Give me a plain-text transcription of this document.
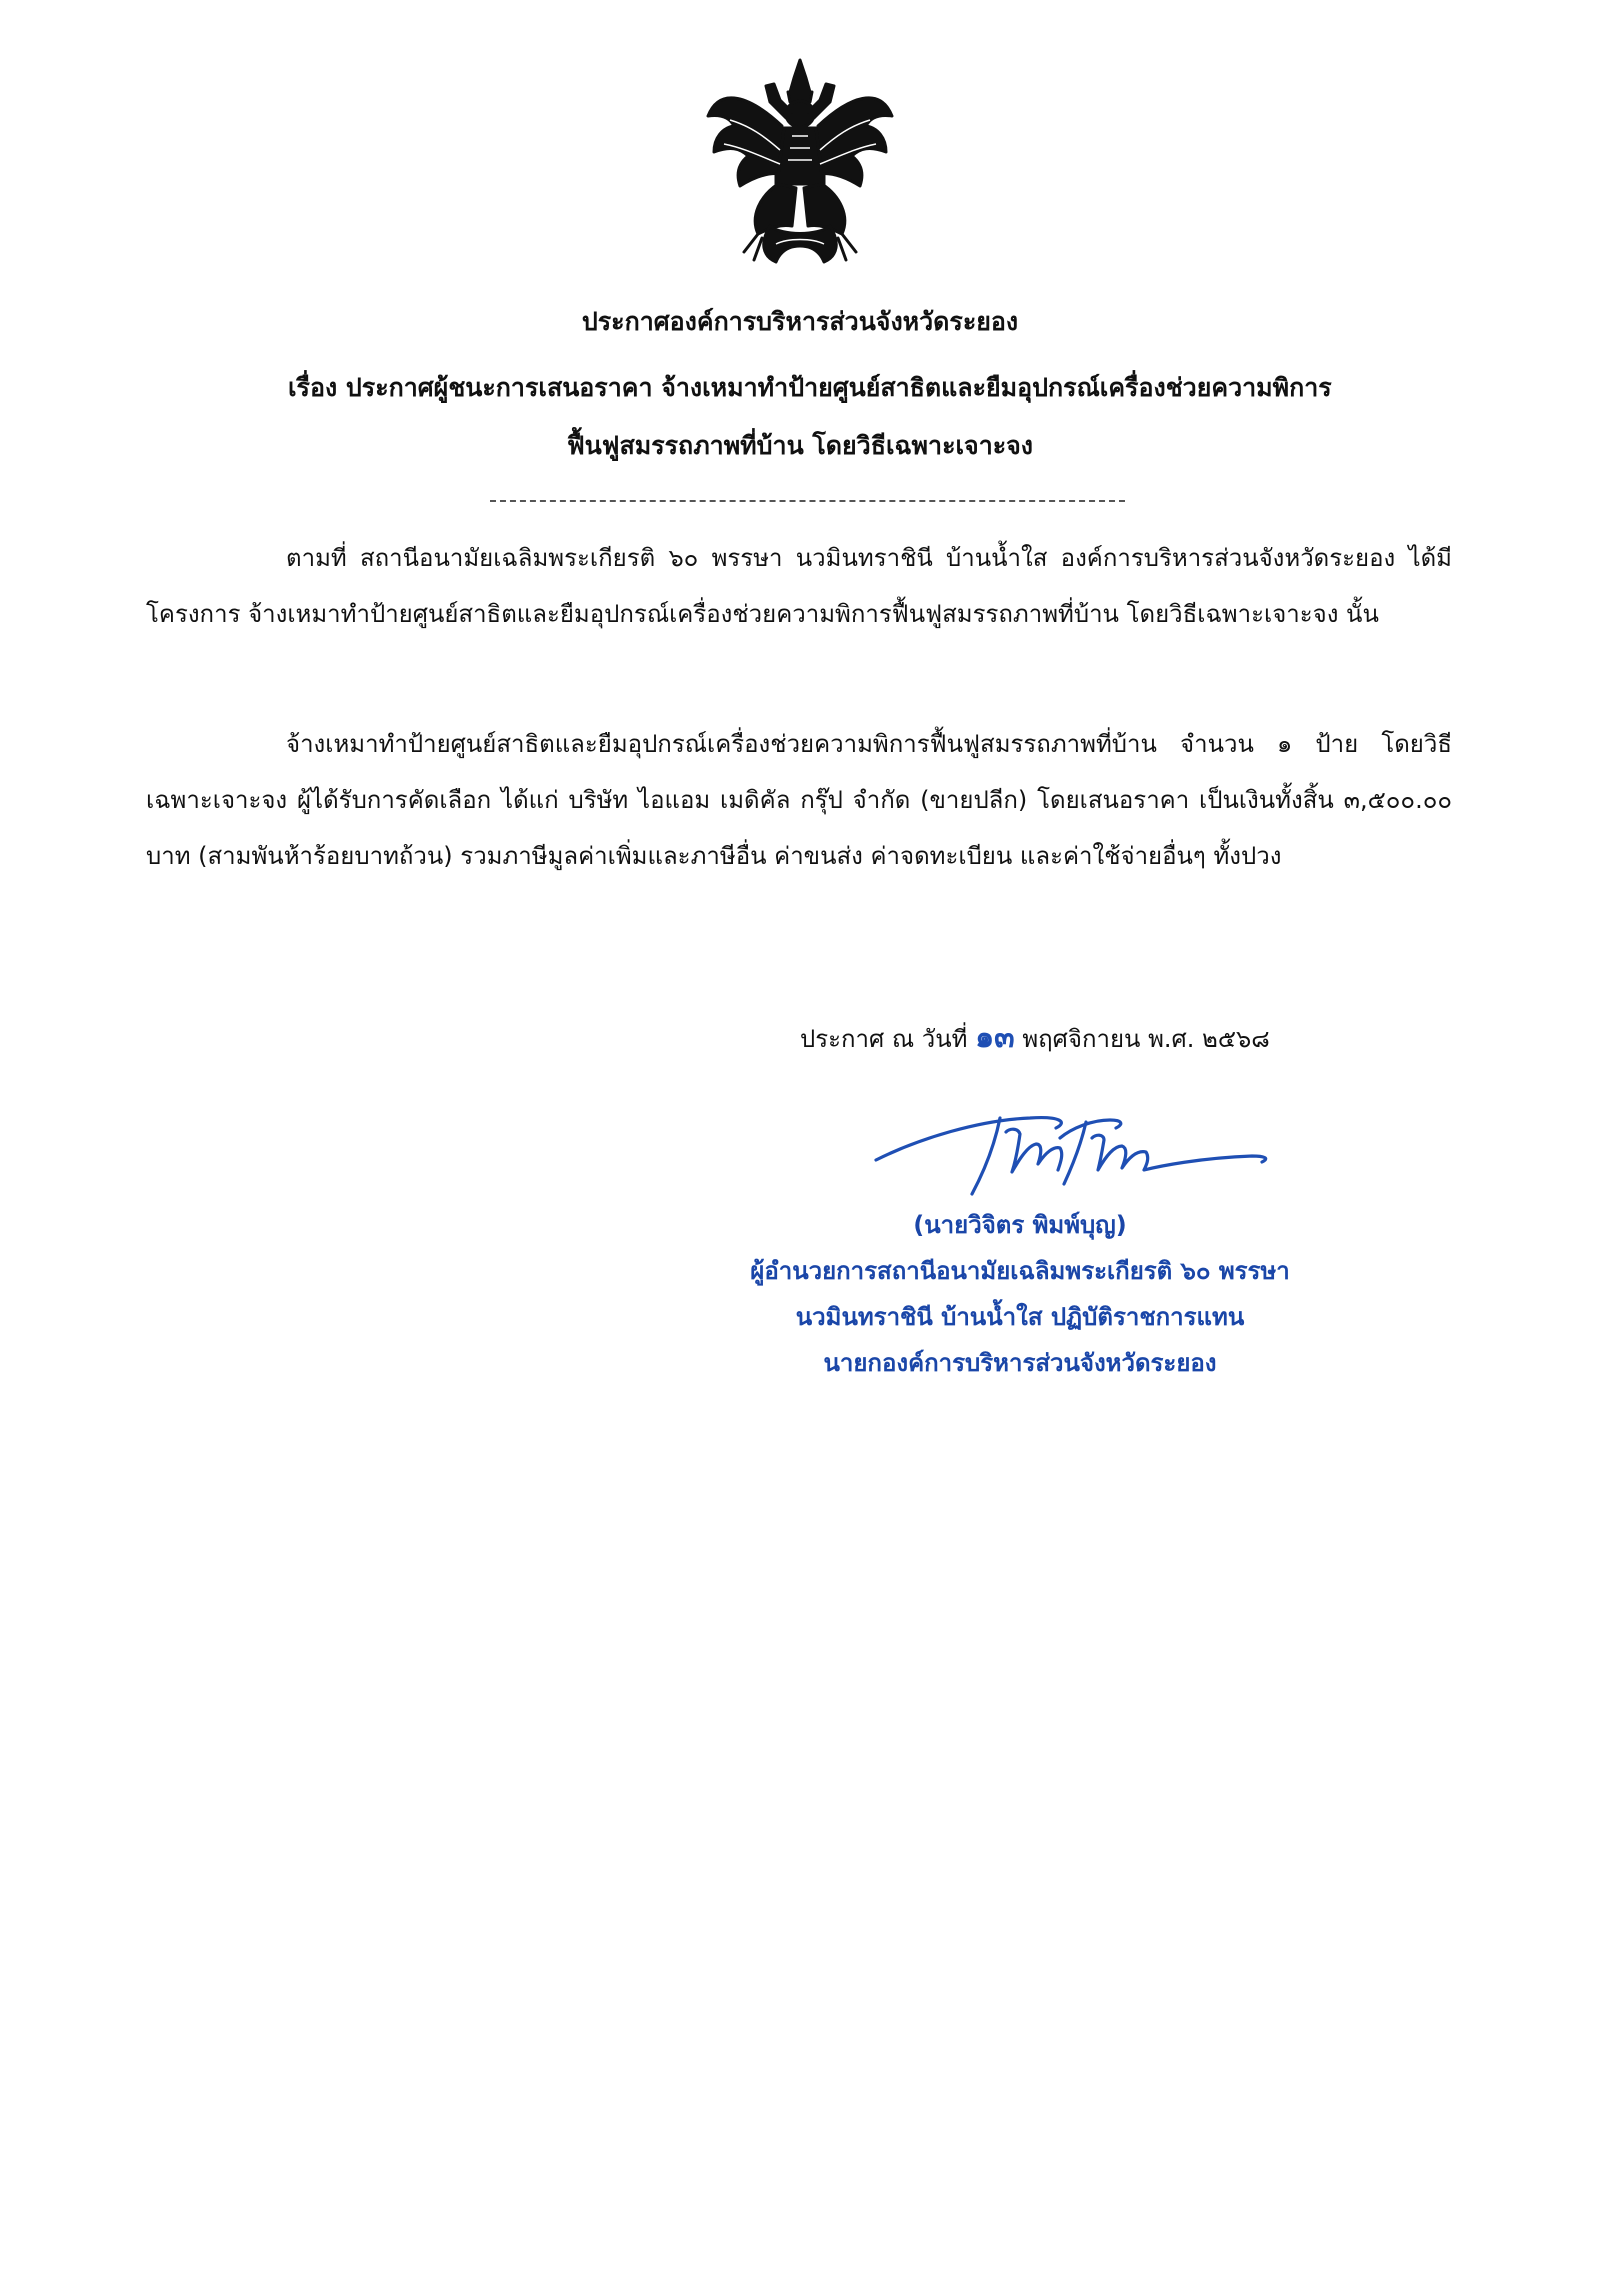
ประกาศองค์การบริหารส่วนจังหวัดระยอง
เรื่อง ประกาศผู้ชนะการเสนอราคา จ้างเหมาทำป้ายศูนย์สาธิตและยืมอุปกรณ์เครื่องช่วยความพิการ
ฟื้นฟูสมรรถภาพที่บ้าน โดยวิธีเฉพาะเจาะจง
ตามที่ สถานีอนามัยเฉลิมพระเกียรติ ๖๐ พรรษา นวมินทราชินี บ้านน้ำใส องค์การบริหารส่วนจังหวัดระยอง ได้มีโครงการ จ้างเหมาทำป้ายศูนย์สาธิตและยืมอุปกรณ์เครื่องช่วยความพิการฟื้นฟูสมรรถภาพที่บ้าน โดยวิธีเฉพาะเจาะจง นั้น
จ้างเหมาทำป้ายศูนย์สาธิตและยืมอุปกรณ์เครื่องช่วยความพิการฟื้นฟูสมรรถภาพที่บ้าน จำนวน ๑ ป้าย โดยวิธีเฉพาะเจาะจง ผู้ได้รับการคัดเลือก ได้แก่ บริษัท ไอแอม เมดิคัล กรุ๊ป จำกัด (ขายปลีก) โดยเสนอราคา เป็นเงินทั้งสิ้น ๓,๕๐๐.๐๐ บาท (สามพันห้าร้อยบาทถ้วน) รวมภาษีมูลค่าเพิ่มและภาษีอื่น ค่าขนส่ง ค่าจดทะเบียน และค่าใช้จ่ายอื่นๆ ทั้งปวง
ประกาศ ณ วันที่ ๑๓ พฤศจิกายน พ.ศ. ๒๕๖๘
(นายวิจิตร พิมพ์บุญ)
ผู้อำนวยการสถานีอนามัยเฉลิมพระเกียรติ ๖๐ พรรษา
นวมินทราชินี บ้านน้ำใส ปฏิบัติราชการแทน
นายกองค์การบริหารส่วนจังหวัดระยอง
